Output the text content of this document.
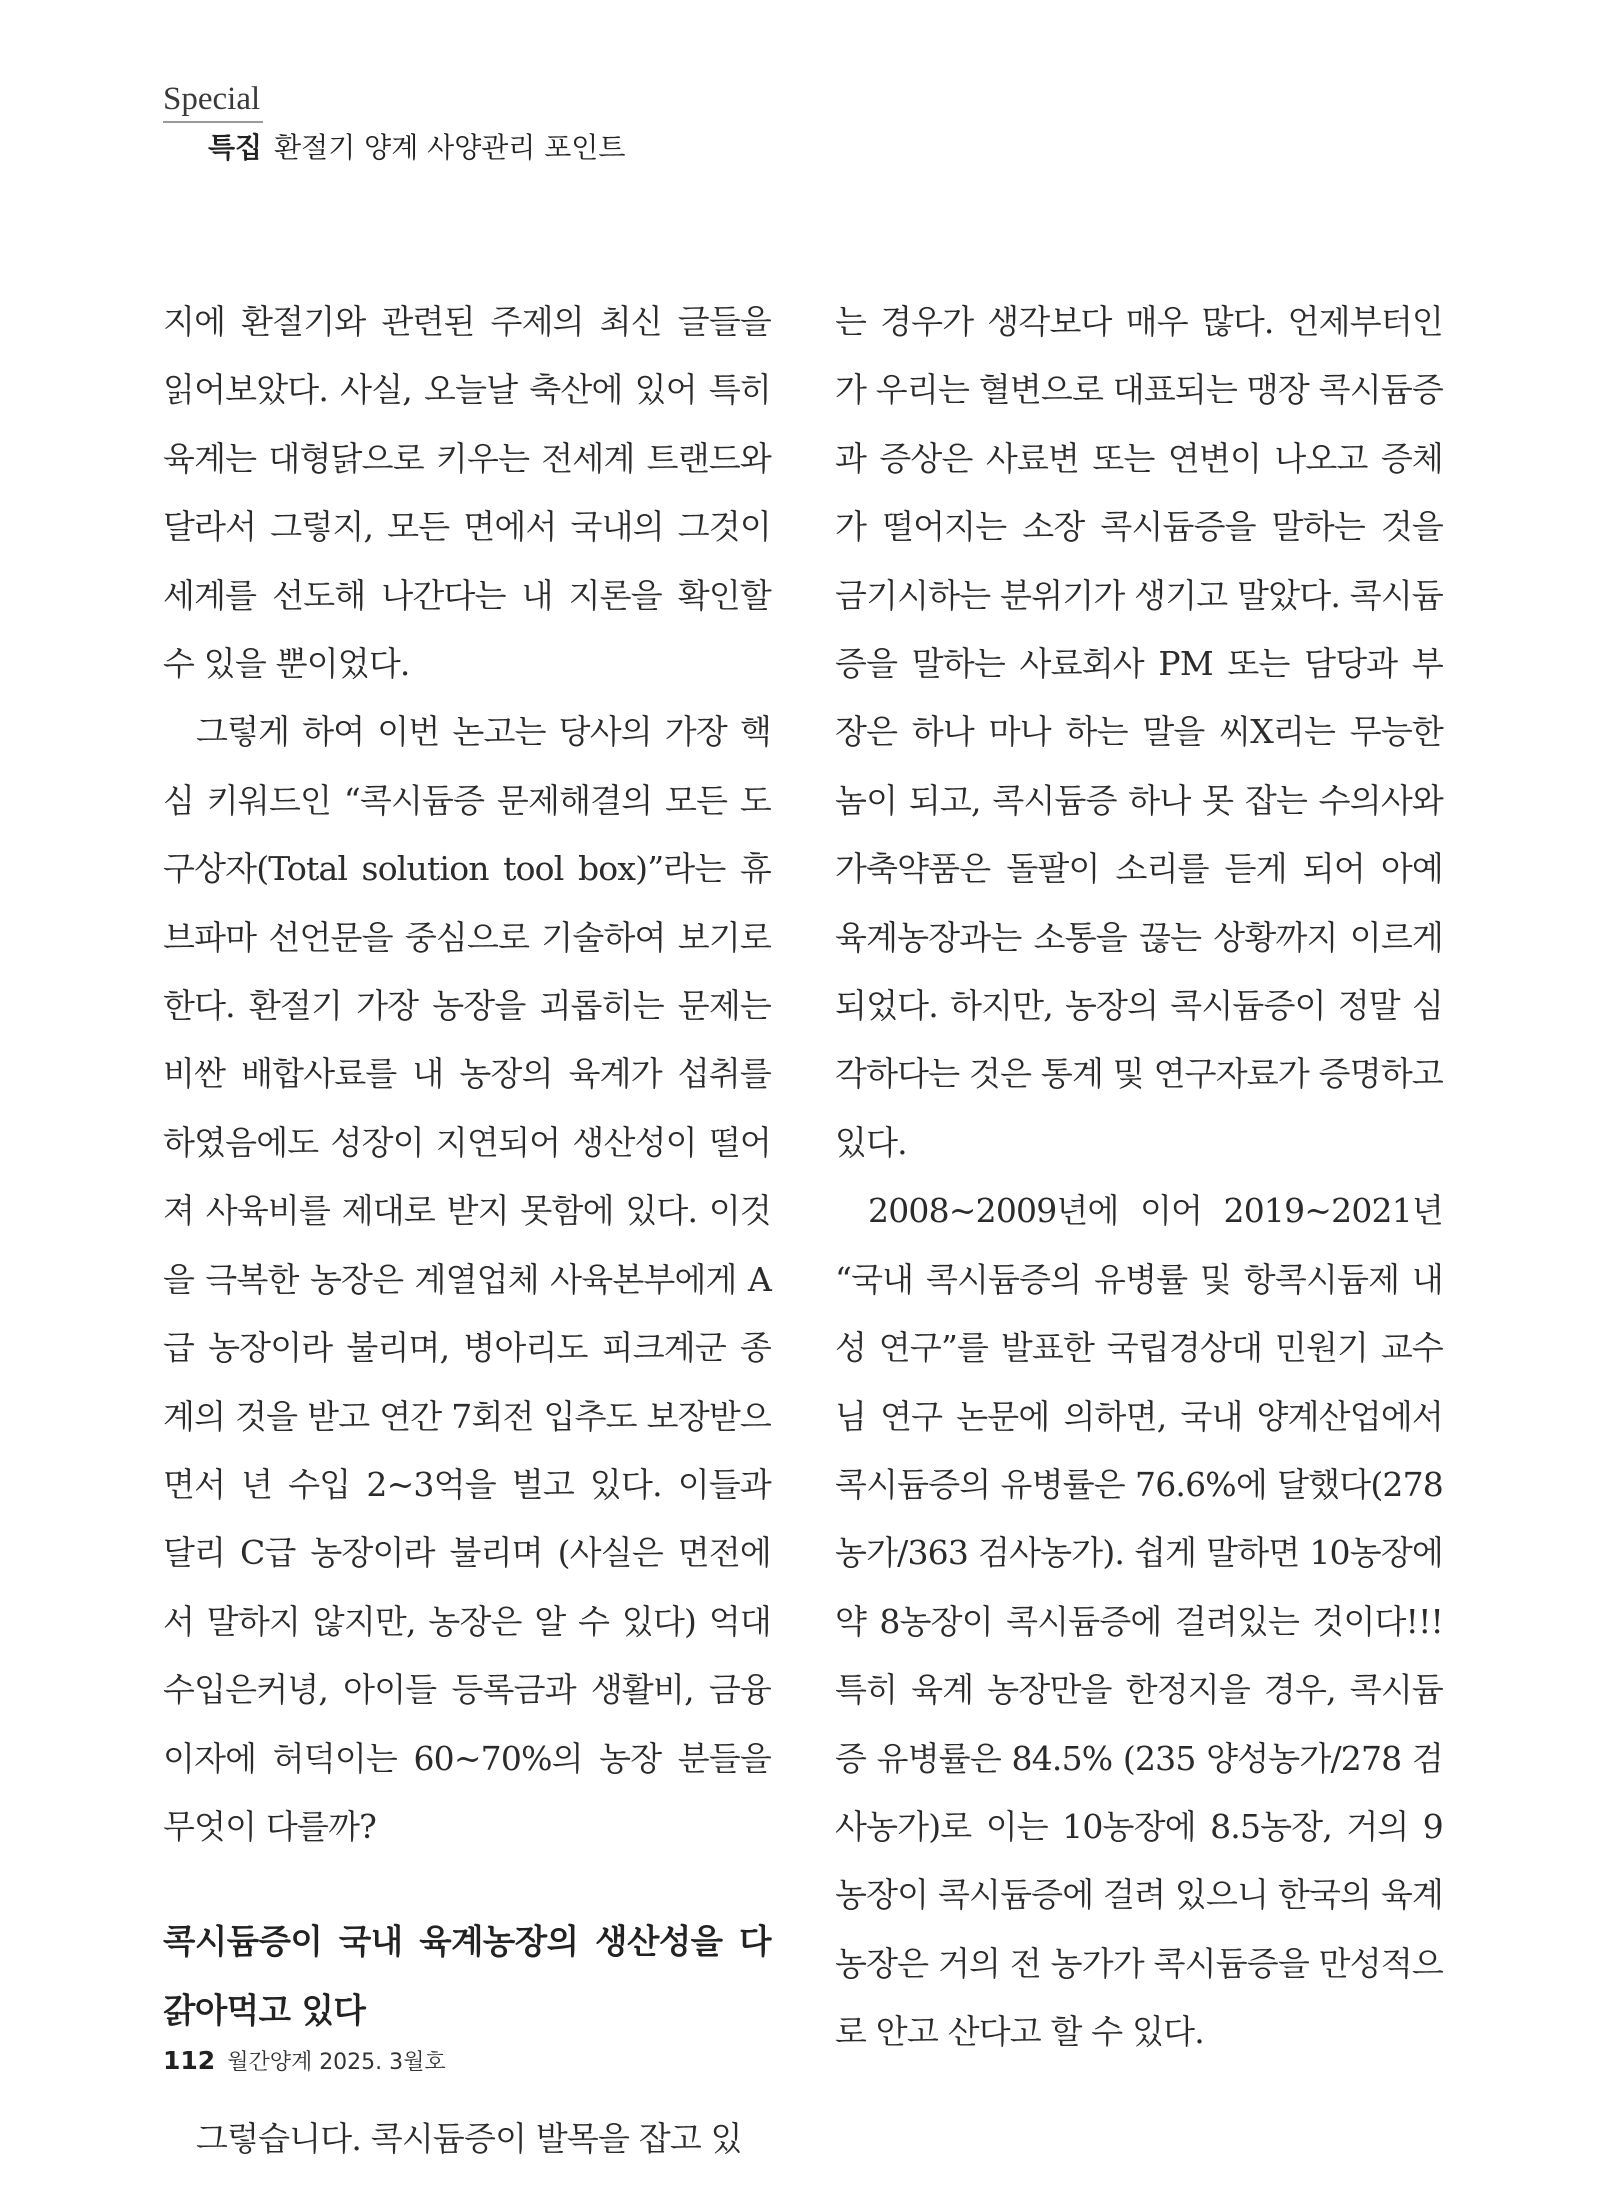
Special
특집 환절기 양계 사양관리 포인트

지에 환절기와 관련된 주제의 최신 글들을 읽어보았다. 사실, 오늘날 축산에 있어 특히 육계는 대형닭으로 키우는 전세계 트랜드와 달라서 그렇지, 모든 면에서 국내의 그것이 세계를 선도해 나간다는 내 지론을 확인할 수 있을 뿐이었다.

그렇게 하여 이번 논고는 당사의 가장 핵심 키워드인 “콕시듐증 문제해결의 모든 도구상자(Total solution tool box)”라는 휴브파마 선언문을 중심으로 기술하여 보기로 한다. 환절기 가장 농장을 괴롭히는 문제는 비싼 배합사료를 내 농장의 육계가 섭취를 하였음에도 성장이 지연되어 생산성이 떨어져 사육비를 제대로 받지 못함에 있다. 이것을 극복한 농장은 계열업체 사육본부에게 A급 농장이라 불리며, 병아리도 피크계군 종계의 것을 받고 연간 7회전 입추도 보장받으면서 년 수입 2~3억을 벌고 있다. 이들과 달리 C급 농장이라 불리며 (사실은 면전에서 말하지 않지만, 농장은 알 수 있다) 억대 수입은커녕, 아이들 등록금과 생활비, 금융 이자에 허덕이는 60~70%의 농장 분들을 무엇이 다를까?

콕시듐증이 국내 육계농장의 생산성을 다 갉아먹고 있다

그렇습니다. 콕시듐증이 발목을 잡고 있

는 경우가 생각보다 매우 많다. 언제부터인가 우리는 혈변으로 대표되는 맹장 콕시듐증과 증상은 사료변 또는 연변이 나오고 증체가 떨어지는 소장 콕시듐증을 말하는 것을 금기시하는 분위기가 생기고 말았다. 콕시듐증을 말하는 사료회사 PM 또는 담당과 부장은 하나 마나 하는 말을 씨X리는 무능한 놈이 되고, 콕시듐증 하나 못 잡는 수의사와 가축약품은 돌팔이 소리를 듣게 되어 아예 육계농장과는 소통을 끊는 상황까지 이르게 되었다. 하지만, 농장의 콕시듐증이 정말 심각하다는 것은 통계 및 연구자료가 증명하고 있다.

2008~2009년에 이어 2019~2021년 “국내 콕시듐증의 유병률 및 항콕시듐제 내성 연구”를 발표한 국립경상대 민원기 교수님 연구 논문에 의하면, 국내 양계산업에서 콕시듐증의 유병률은 76.6%에 달했다(278 농가/363 검사농가). 쉽게 말하면 10농장에 약 8농장이 콕시듐증에 걸려있는 것이다!!! 특히 육계 농장만을 한정지을 경우, 콕시듐증 유병률은 84.5% (235 양성농가/278 검사농가)로 이는 10농장에 8.5농장, 거의 9농장이 콕시듐증에 걸려 있으니 한국의 육계농장은 거의 전 농가가 콕시듐증을 만성적으로 안고 산다고 할 수 있다.

112 월간양계 2025. 3월호
